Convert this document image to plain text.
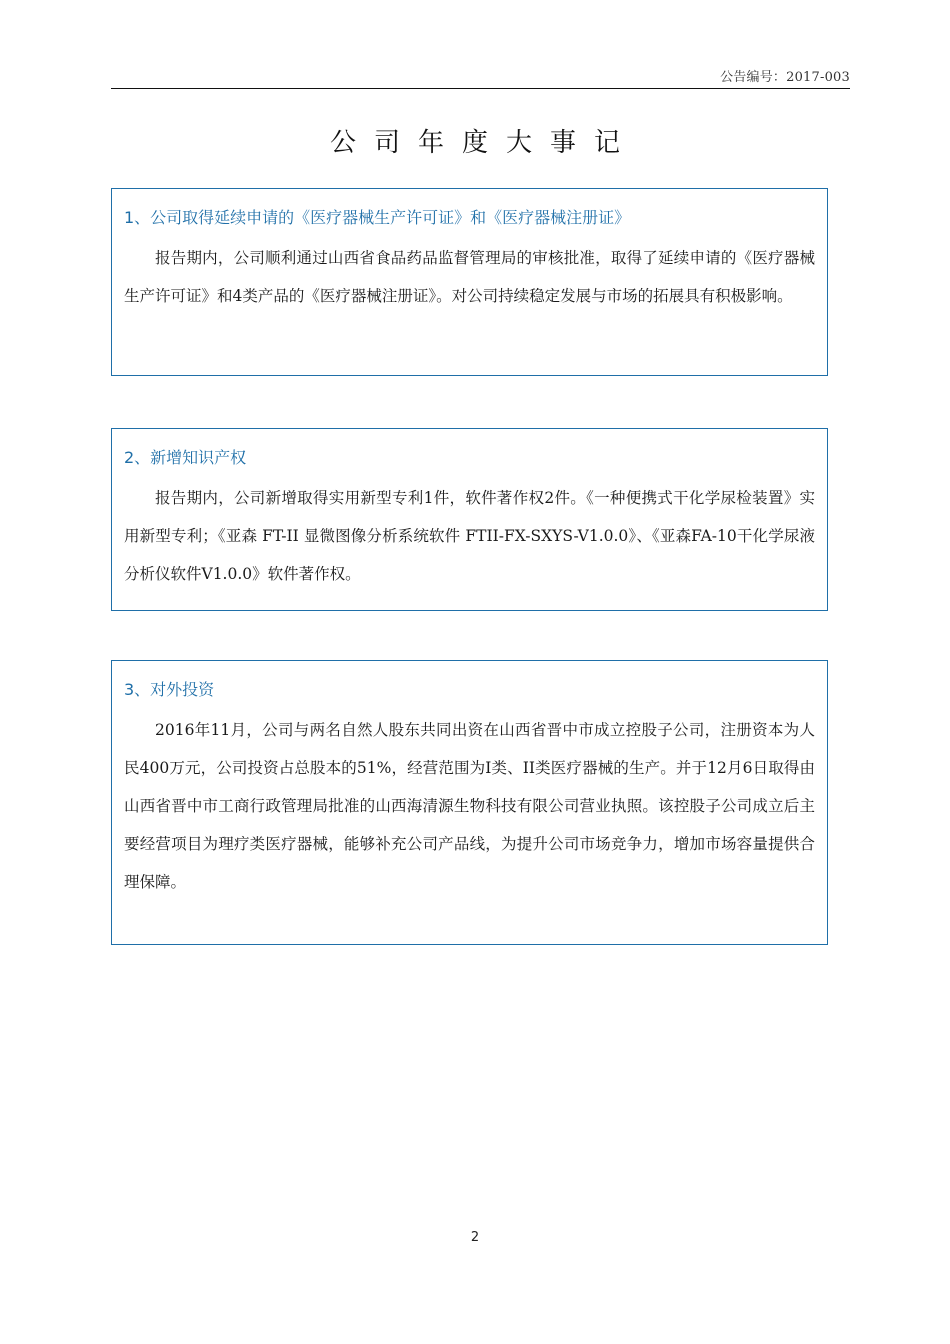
公告编号：2017-003
公司年度大事记
1、公司取得延续申请的《医疗器械生产许可证》和《医疗器械注册证》

报告期内，公司顺利通过山西省食品药品监督管理局的审核批准，取得了延续申请的《医疗器械生产许可证》和4类产品的《医疗器械注册证》。对公司持续稳定发展与市场的拓展具有积极影响。

2、新增知识产权

报告期内，公司新增取得实用新型专利1件，软件著作权2件。《一种便携式干化学尿检装置》实用新型专利；《亚森 FT-II 显微图像分析系统软件 FTII-FX-SXYS-V1.0.0》、《亚森FA-10干化学尿液分析仪软件V1.0.0》软件著作权。

3、对外投资

2016年11月，公司与两名自然人股东共同出资在山西省晋中市成立控股子公司，注册资本为人民400万元，公司投资占总股本的51%，经营范围为I类、II类医疗器械的生产。并于12月6日取得由山西省晋中市工商行政管理局批准的山西海清源生物科技有限公司营业执照。该控股子公司成立后主要经营项目为理疗类医疗器械，能够补充公司产品线，为提升公司市场竞争力，增加市场容量提供合理保障。

2
